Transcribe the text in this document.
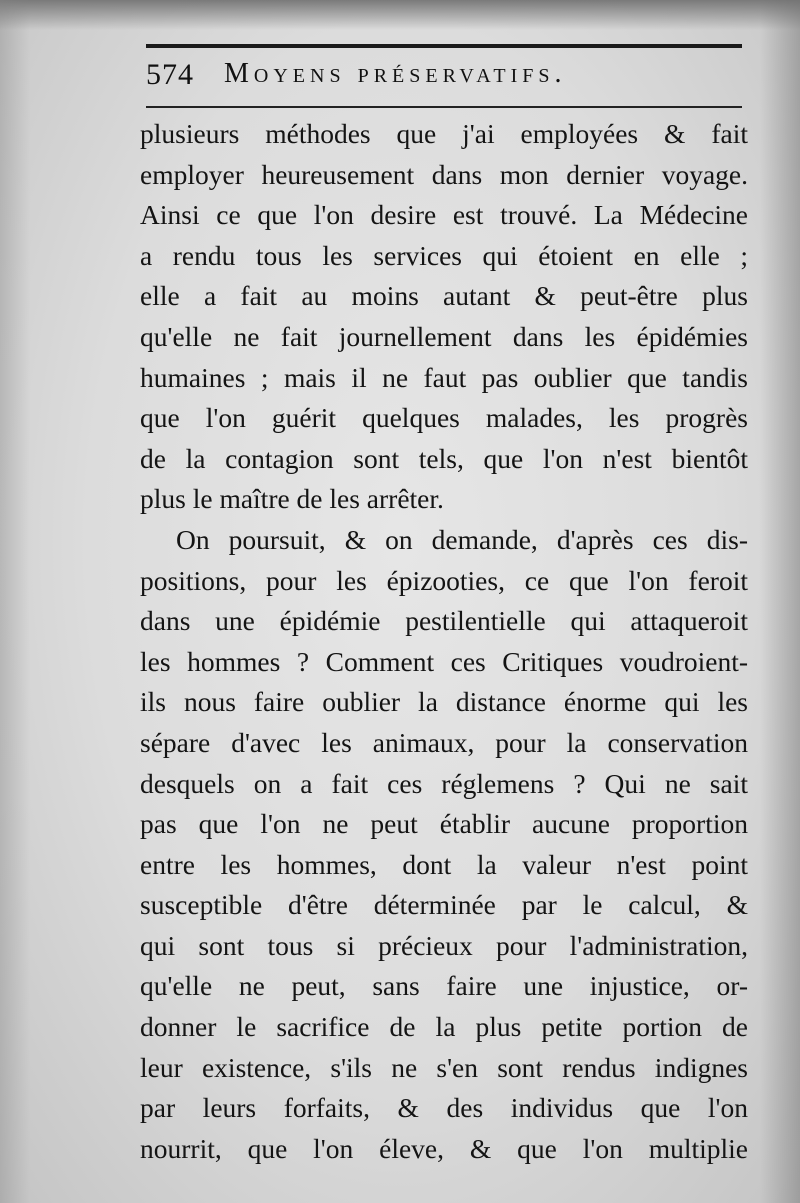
574 Moyens préservatifs.
plusieurs méthodes que j'ai employées & fait
employer heureusement dans mon dernier voyage.
Ainsi ce que l'on desire est trouvé. La Médecine
a rendu tous les services qui étoient en elle ;
elle a fait au moins autant & peut-être plus
qu'elle ne fait journellement dans les épidémies
humaines ; mais il ne faut pas oublier que tandis
que l'on guérit quelques malades, les progrès
de la contagion sont tels, que l'on n'est bientôt
plus le maître de les arrêter.
On poursuit, & on demande, d'après ces dis-
positions, pour les épizooties, ce que l'on feroit
dans une épidémie pestilentielle qui attaqueroit
les hommes ? Comment ces Critiques voudroient-
ils nous faire oublier la distance énorme qui les
sépare d'avec les animaux, pour la conservation
desquels on a fait ces réglemens ? Qui ne sait
pas que l'on ne peut établir aucune proportion
entre les hommes, dont la valeur n'est point
susceptible d'être déterminée par le calcul, &
qui sont tous si précieux pour l'administration,
qu'elle ne peut, sans faire une injustice, or-
donner le sacrifice de la plus petite portion de
leur existence, s'ils ne s'en sont rendus indignes
par leurs forfaits, & des individus que l'on
nourrit, que l'on éleve, & que l'on multiplie
